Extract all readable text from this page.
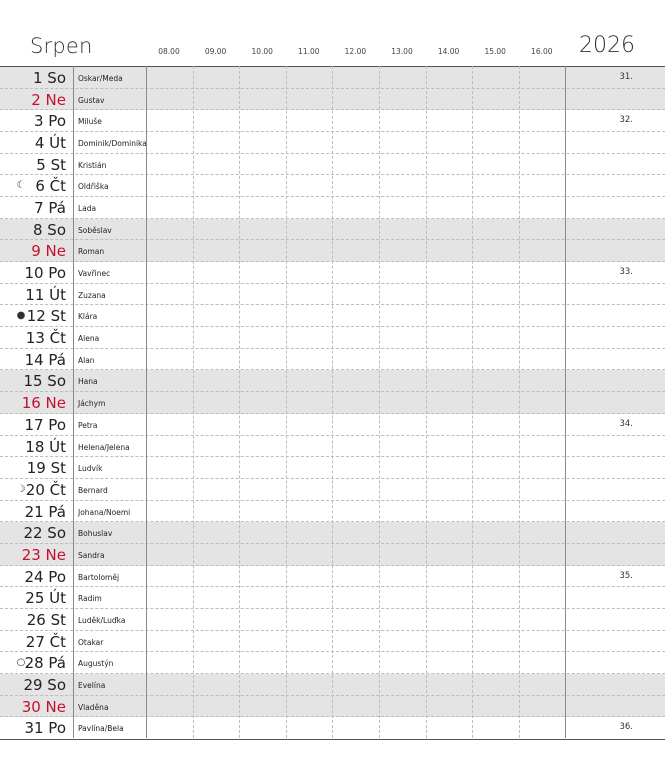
Srpen	08.00	09.00	10.00	11.00	12.00	13.00	14.00	15.00	16.00	2026
1 So Oskar/Meda	31.
2 Ne Gustav
3 Po Miluše	32.
4 Út Dominik/Dominika
5 St Kristián
☾ 6 Čt Oldřiška
7 Pá Lada
8 So Soběslav
9 Ne Roman
10 Po Vavřinec	33.
11 Út Zuzana
● 12 St Klára
13 Čt Alena
14 Pá Alan
15 So Hana
16 Ne Jáchym
17 Po Petra	34.
18 Út Helena/Jelena
19 St Ludvík
☽ 20 Čt Bernard
21 Pá Johana/Noemi
22 So Bohuslav
23 Ne Sandra
24 Po Bartoloměj	35.
25 Út Radim
26 St Luděk/Luďka
27 Čt Otakar
○ 28 Pá Augustýn
29 So Evelína
30 Ne Vladěna
31 Po Pavlína/Bela	36.
